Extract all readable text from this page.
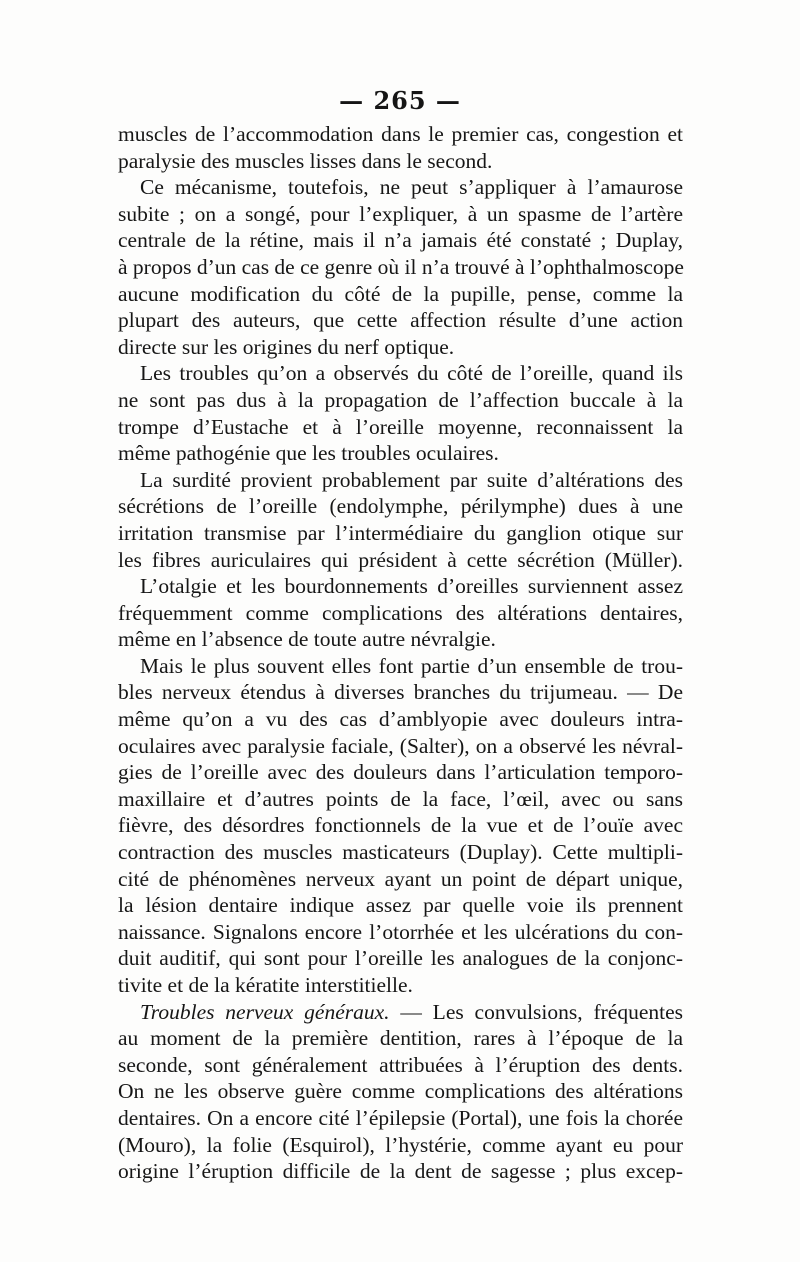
— 265 —
muscles de l’accommodation dans le premier cas, congestion et
paralysie des muscles lisses dans le second.
Ce mécanisme, toutefois, ne peut s’appliquer à l’amaurose
subite ; on a songé, pour l’expliquer, à un spasme de l’artère
centrale de la rétine, mais il n’a jamais été constaté ; Duplay,
à propos d’un cas de ce genre où il n’a trouvé à l’ophthalmoscope
aucune modification du côté de la pupille, pense, comme la
plupart des auteurs, que cette affection résulte d’une action
directe sur les origines du nerf optique.
Les troubles qu’on a observés du côté de l’oreille, quand ils
ne sont pas dus à la propagation de l’affection buccale à la
trompe d’Eustache et à l’oreille moyenne, reconnaissent la
même pathogénie que les troubles oculaires.
La surdité provient probablement par suite d’altérations des
sécrétions de l’oreille (endolymphe, périlymphe) dues à une
irritation transmise par l’intermédiaire du ganglion otique sur
les fibres auriculaires qui président à cette sécrétion (Müller).
L’otalgie et les bourdonnements d’oreilles surviennent assez
fréquemment comme complications des altérations dentaires,
même en l’absence de toute autre névralgie.
Mais le plus souvent elles font partie d’un ensemble de trou-
bles nerveux étendus à diverses branches du trijumeau. — De
même qu’on a vu des cas d’amblyopie avec douleurs intra-
oculaires avec paralysie faciale, (Salter), on a observé les névral-
gies de l’oreille avec des douleurs dans l’articulation temporo-
maxillaire et d’autres points de la face, l’œil, avec ou sans
fièvre, des désordres fonctionnels de la vue et de l’ouïe avec
contraction des muscles masticateurs (Duplay). Cette multipli-
cité de phénomènes nerveux ayant un point de départ unique,
la lésion dentaire indique assez par quelle voie ils prennent
naissance. Signalons encore l’otorrhée et les ulcérations du con-
duit auditif, qui sont pour l’oreille les analogues de la conjonc-
tivite et de la kératite interstitielle.
Troubles nerveux généraux. — Les convulsions, fréquentes
au moment de la première dentition, rares à l’époque de la
seconde, sont généralement attribuées à l’éruption des dents.
On ne les observe guère comme complications des altérations
dentaires. On a encore cité l’épilepsie (Portal), une fois la chorée
(Mouro), la folie (Esquirol), l’hystérie, comme ayant eu pour
origine l’éruption difficile de la dent de sagesse ; plus excep-
